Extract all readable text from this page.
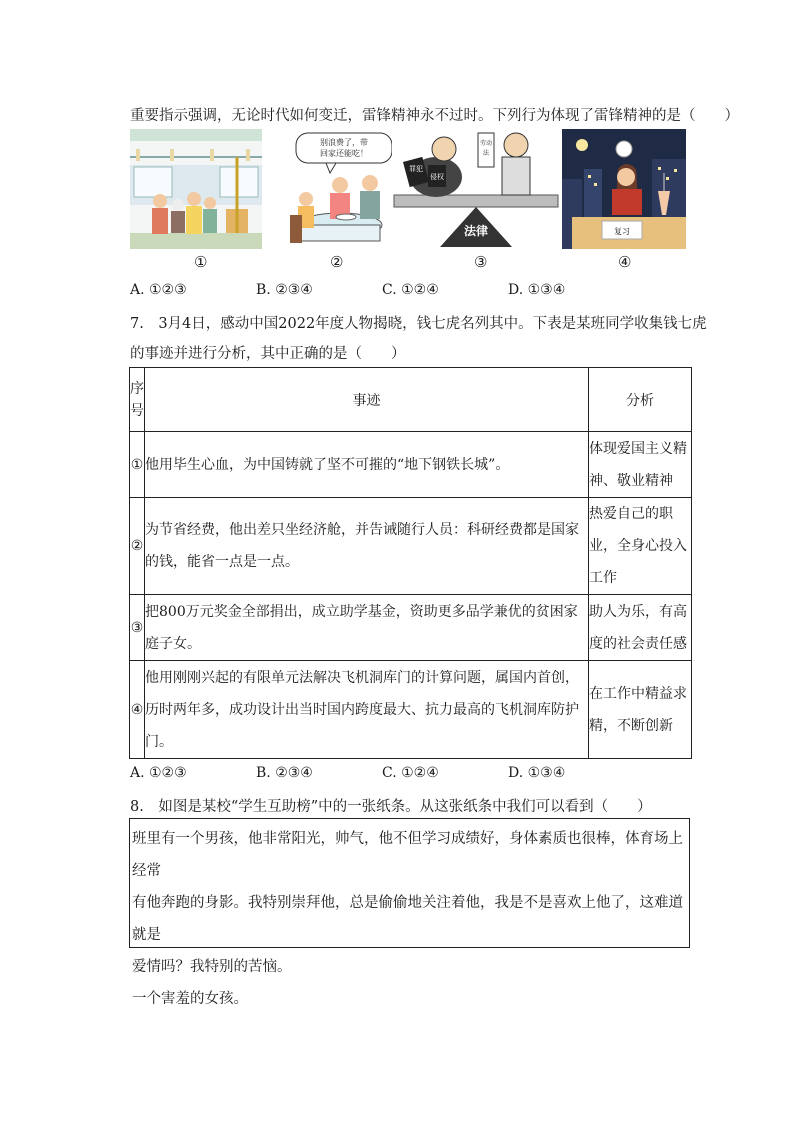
重要指示强调，无论时代如何变迁，雷锋精神永不过时。下列行为体现了雷锋精神的是（　　）
别浪费了，带
回家还能吃！
法律
罪犯
侵权
劳动
法
复习
①	②	③	④
A. ①②③	B. ②③④	C. ①②④	D. ①③④
7.　3月4日，感动中国2022年度人物揭晓，钱七虎名列其中。下表是某班同学收集钱七虎
的事迹并进行分析，其中正确的是（　　）
序号	事迹	分析
①	他用毕生心血，为中国铸就了坚不可摧的“地下钢铁长城”。	体现爱国主义精神、敬业精神
②	为节省经费，他出差只坐经济舱，并告诫随行人员：科研经费都是国家的钱，能省一点是一点。	热爱自己的职业，全身心投入工作
③	把800万元奖金全部捐出，成立助学基金，资助更多品学兼优的贫困家庭子女。	助人为乐，有高度的社会责任感
④	他用刚刚兴起的有限单元法解决飞机洞库门的计算问题，属国内首创，历时两年多，成功设计出当时国内跨度最大、抗力最高的飞机洞库防护门。	在工作中精益求精，不断创新
A. ①②③	B. ②③④	C. ①②④	D. ①③④
8.　如图是某校“学生互助榜”中的一张纸条。从这张纸条中我们可以看到（　　）

班里有一个男孩，他非常阳光，帅气，他不但学习成绩好，身体素质也很棒，体育场上经常

有他奔跑的身影。我特别崇拜他，总是偷偷地关注着他，我是不是喜欢上他了，这难道就是

爱情吗？我特别的苦恼。

一个害羞的女孩。
